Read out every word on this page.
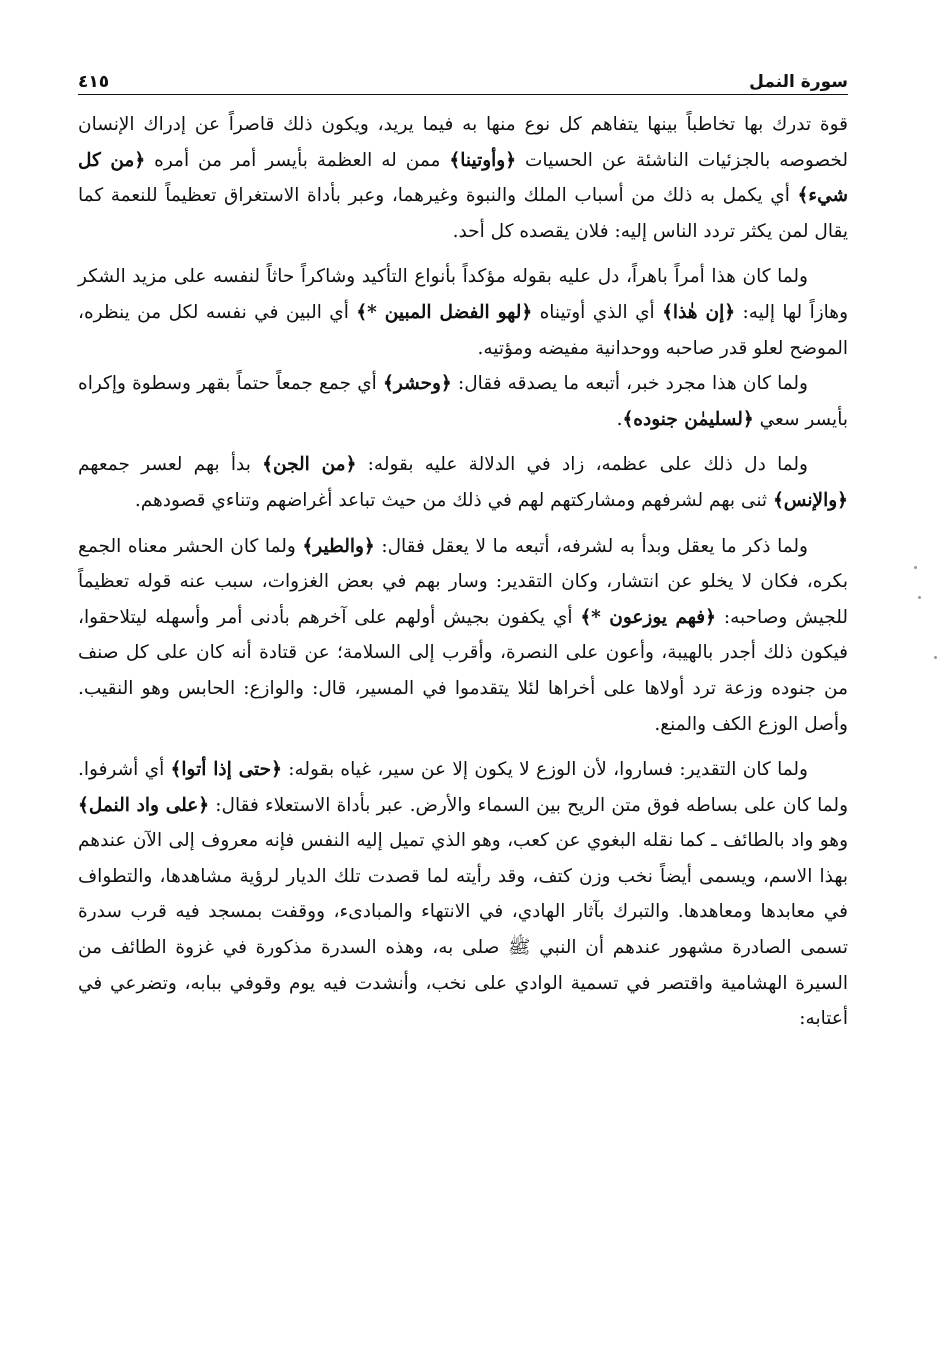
سورة النمل
٤١٥

قوة تدرك بها تخاطباً بينها يتفاهم كل نوع منها به فيما يريد، ويكون ذلك قاصراً عن إدراك الإنسان لخصوصه بالجزئيات الناشئة عن الحسيات ﴿وأوتينا﴾ ممن له العظمة بأيسر أمر من أمره ﴿من كل شيء﴾ أي يكمل به ذلك من أسباب الملك والنبوة وغيرهما، وعبر بأداة الاستغراق تعظيماً للنعمة كما يقال لمن يكثر تردد الناس إليه: فلان يقصده كل أحد.

ولما كان هذا أمراً باهراً، دل عليه بقوله مؤكداً بأنواع التأكيد وشاكراً حاثاً لنفسه على مزيد الشكر وهازاً لها إليه: ﴿إن هٰذا﴾ أي الذي أوتيناه ﴿لهو الفضل المبين *﴾ أي البين في نفسه لكل من ينظره، الموضح لعلو قدر صاحبه ووحدانية مفيضه ومؤتيه.

ولما كان هذا مجرد خبر، أتبعه ما يصدقه فقال: ﴿وحشر﴾ أي جمع جمعاً حتماً بقهر وسطوة وإكراه بأيسر سعي ﴿لسليمٰن جنوده﴾.

ولما دل ذلك على عظمه، زاد في الدلالة عليه بقوله: ﴿من الجن﴾ بدأ بهم لعسر جمعهم ﴿والإنس﴾ ثنى بهم لشرفهم ومشاركتهم لهم في ذلك من حيث تباعد أغراضهم وتناءي قصودهم.

ولما ذكر ما يعقل وبدأ به لشرفه، أتبعه ما لا يعقل فقال: ﴿والطير﴾ ولما كان الحشر معناه الجمع بكره، فكان لا يخلو عن انتشار، وكان التقدير: وسار بهم في بعض الغزوات، سبب عنه قوله تعظيماً للجيش وصاحبه: ﴿فهم يوزعون *﴾ أي يكفون بجيش أولهم على آخرهم بأدنى أمر وأسهله ليتلاحقوا، فيكون ذلك أجدر بالهيبة، وأعون على النصرة، وأقرب إلى السلامة؛ عن قتادة أنه كان على كل صنف من جنوده وزعة ترد أولاها على أخراها لئلا يتقدموا في المسير، قال: والوازع: الحابس وهو النقيب. وأصل الوزع الكف والمنع.

ولما كان التقدير: فساروا، لأن الوزع لا يكون إلا عن سير، غياه بقوله: ﴿حتى إذا أتوا﴾ أي أشرفوا. ولما كان على بساطه فوق متن الريح بين السماء والأرض. عبر بأداة الاستعلاء فقال: ﴿على واد النمل﴾ وهو واد بالطائف ـ كما نقله البغوي عن كعب، وهو الذي تميل إليه النفس فإنه معروف إلى الآن عندهم بهذا الاسم، ويسمى أيضاً نخب وزن كتف، وقد رأيته لما قصدت تلك الديار لرؤية مشاهدها، والتطواف في معابدها ومعاهدها. والتبرك بآثار الهادي، في الانتهاء والمبادىء، ووقفت بمسجد فيه قرب سدرة تسمى الصادرة مشهور عندهم أن النبي ﷺ صلى به، وهذه السدرة مذكورة في غزوة الطائف من السيرة الهشامية واقتصر في تسمية الوادي على نخب، وأنشدت فيه يوم وقوفي ببابه، وتضرعي في أعتابه:
